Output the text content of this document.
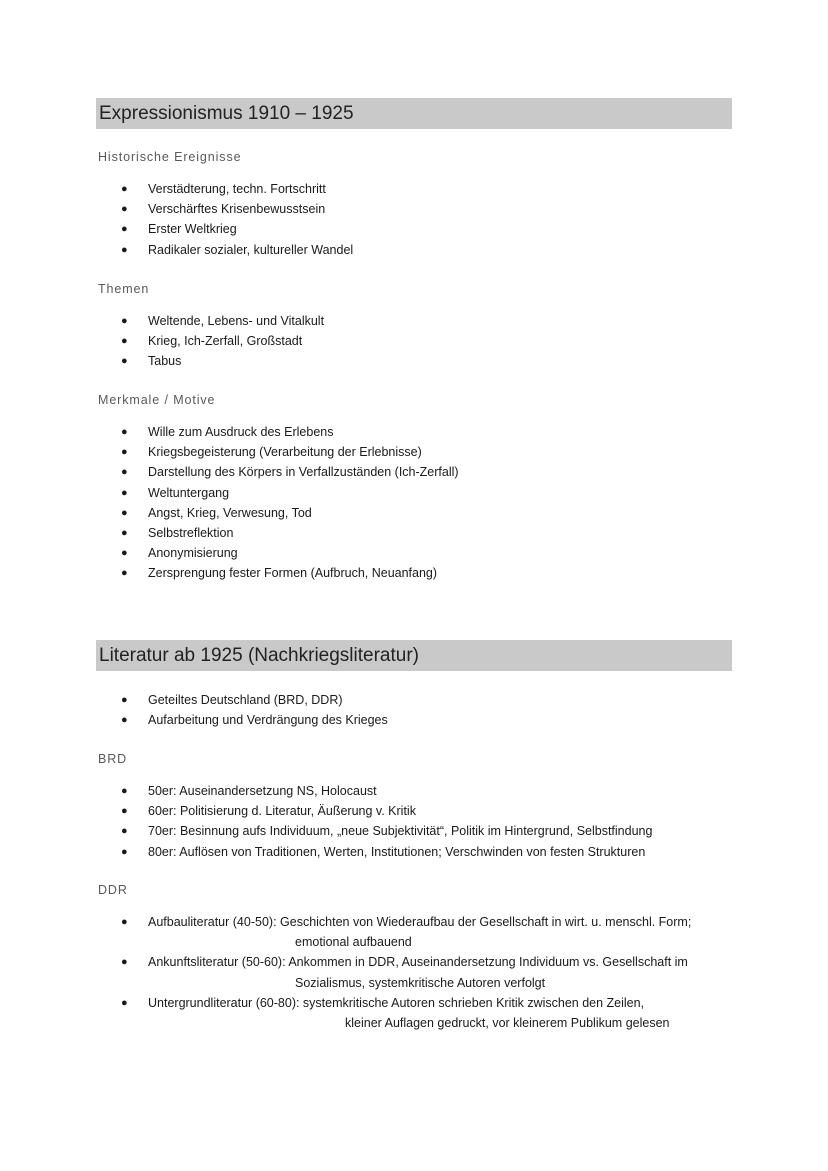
Expressionismus 1910 – 1925
Historische Ereignisse
● Verstädterung, techn. Fortschritt
● Verschärftes Krisenbewusstsein
● Erster Weltkrieg
● Radikaler sozialer, kultureller Wandel
Themen
● Weltende, Lebens- und Vitalkult
● Krieg, Ich-Zerfall, Großstadt
● Tabus
Merkmale / Motive
● Wille zum Ausdruck des Erlebens
● Kriegsbegeisterung (Verarbeitung der Erlebnisse)
● Darstellung des Körpers in Verfallzuständen (Ich-Zerfall)
● Weltuntergang
● Angst, Krieg, Verwesung, Tod
● Selbstreflektion
● Anonymisierung
● Zersprengung fester Formen (Aufbruch, Neuanfang)
Literatur ab 1925 (Nachkriegsliteratur)
● Geteiltes Deutschland (BRD, DDR)
● Aufarbeitung und Verdrängung des Krieges
BRD
● 50er: Auseinandersetzung NS, Holocaust
● 60er: Politisierung d. Literatur, Äußerung v. Kritik
● 70er: Besinnung aufs Individuum, „neue Subjektivität“, Politik im Hintergrund, Selbstfindung
● 80er: Auflösen von Traditionen, Werten, Institutionen; Verschwinden von festen Strukturen
DDR
● Aufbauliteratur (40-50): Geschichten von Wiederaufbau der Gesellschaft in wirt. u. menschl. Form;
emotional aufbauend
● Ankunftsliteratur (50-60): Ankommen in DDR, Auseinandersetzung Individuum vs. Gesellschaft im
Sozialismus, systemkritische Autoren verfolgt
● Untergrundliteratur (60-80): systemkritische Autoren schrieben Kritik zwischen den Zeilen,
kleiner Auflagen gedruckt, vor kleinerem Publikum gelesen
